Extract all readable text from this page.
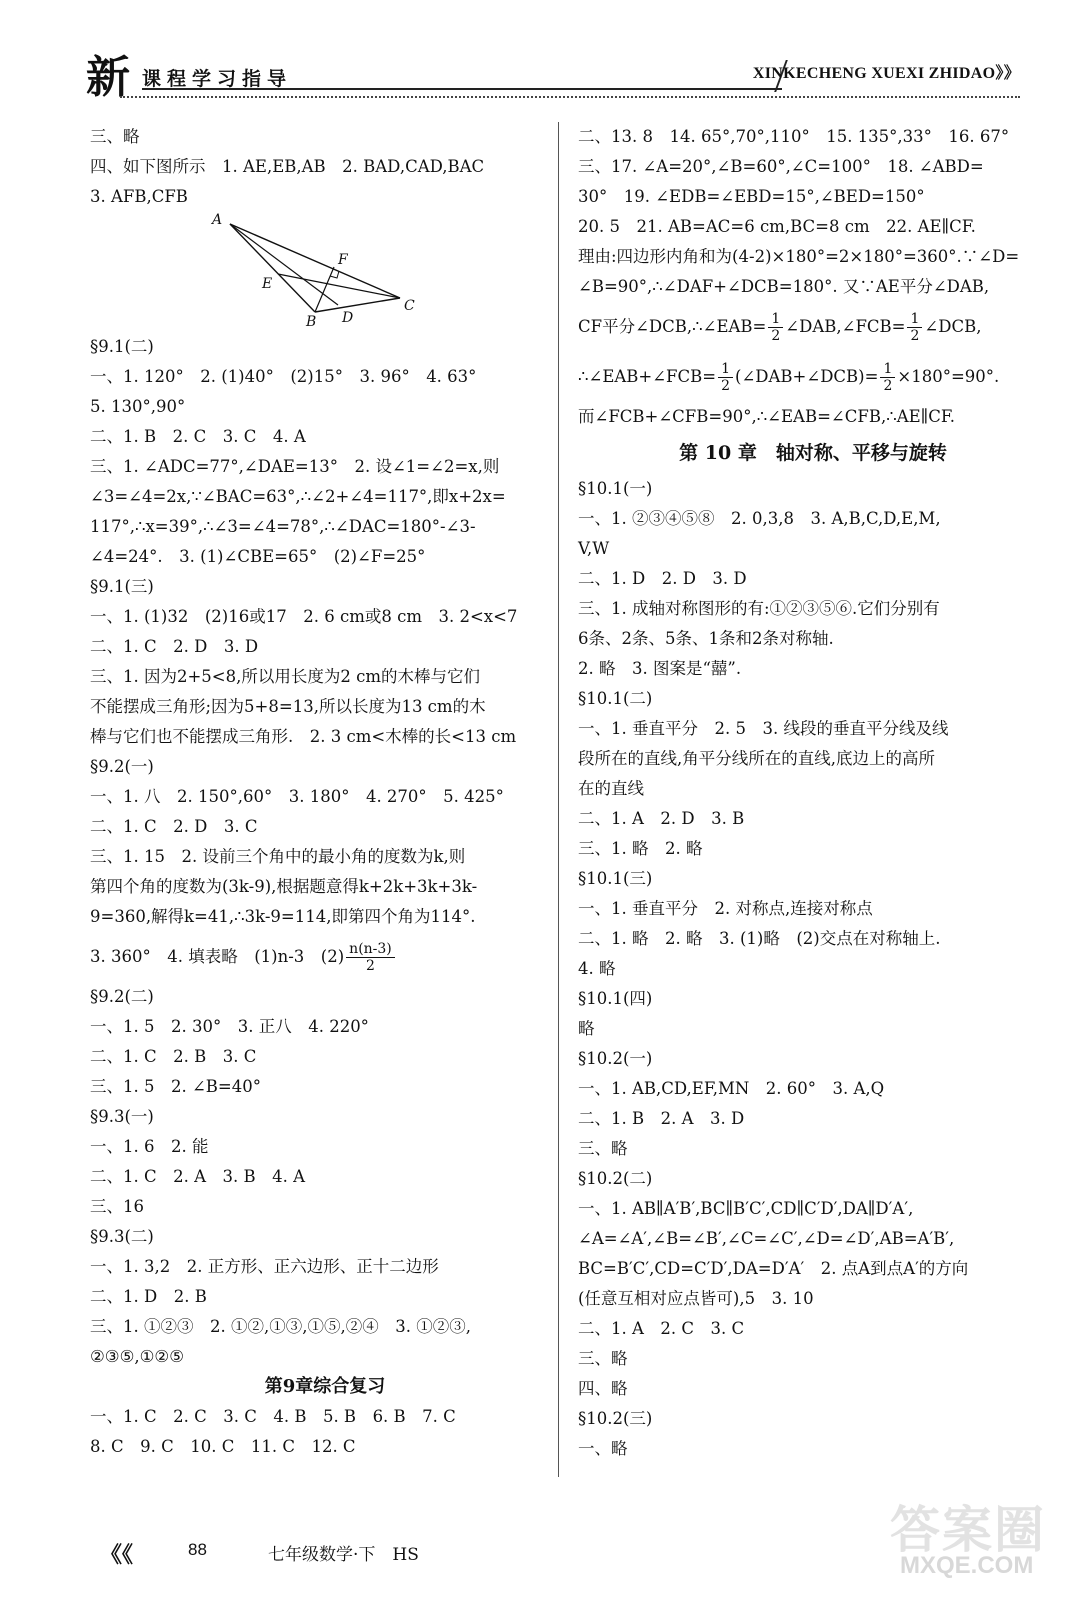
新 课程学习指导	XINKECHENG XUEXI ZHIDAO》》
三、略
四、如下图所示　1. AE,EB,AB　2. BAD,CAD,BAC
3. AFB,CFB
A
F
E
B D
C
§9.1(二)
一、1. 120°　2. (1)40°　(2)15°　3. 96°　4. 63°
5. 130°,90°
二、1. B　2. C　3. C　4. A
三、1. ∠ADC=77°,∠DAE=13°　2. 设∠1=∠2=x,则
∠3=∠4=2x,∵∠BAC=63°,∴∠2+∠4=117°,即x+2x=
117°,∴x=39°,∴∠3=∠4=78°,∴∠DAC=180°-∠3-
∠4=24°.　3. (1)∠CBE=65°　(2)∠F=25°
§9.1(三)
一、1. (1)32　(2)16或17　2. 6 cm或8 cm　3. 2<x<7
二、1. C　2. D　3. D
三、1. 因为2+5<8,所以用长度为2 cm的木棒与它们
不能摆成三角形;因为5+8=13,所以长度为13 cm的木
棒与它们也不能摆成三角形.　2. 3 cm<木棒的长<13 cm
§9.2(一)
一、1. 八　2. 150°,60°　3. 180°　4. 270°　5. 425°
二、1. C　2. D　3. C
三、1. 15　2. 设前三个角中的最小角的度数为k,则
第四个角的度数为(3k-9),根据题意得k+2k+3k+3k-
9=360,解得k=41,∴3k-9=114,即第四个角为114°.
3. 360°　4. 填表略　(1)n-3　$(2) \frac{n(n-3)}{2}$
§9.2(二)
一、1. 5　2. 30°　3. 正八　4. 220°
二、1. C　2. B　3. C
三、1. 5　2. ∠B=40°
§9.3(一)
一、1. 6　2. 能
二、1. C　2. A　3. B　4. A
三、16
§9.3(二)
一、1. 3,2　2. 正方形、正六边形、正十二边形
二、1. D　2. B
三、1. ①②③　2. ①②,①③,①⑤,②④　3. ①②③,
②③⑤,①②⑤
第9章综合复习
一、1. C　2. C　3. C　4. B　5. B　6. B　7. C
8. C　9. C　10. C　11. C　12. C
二、13. 8　14. 65°,70°,110°　15. 135°,33°　16. 67°
三、17. ∠A=20°,∠B=60°,∠C=100°　18. ∠ABD=
30°　19. ∠EDB=∠EBD=15°,∠BED=150°
20. 5　21. AB=AC=6 cm,BC=8 cm　22. AE∥CF.
理由:四边形内角和为(4-2)×180°=2×180°=360°.∵∠D=
∠B=90°,∴∠DAF+∠DCB=180°. 又∵AE平分∠DAB,
CF平分∠DCB,∴∠EAB= $\frac{1}{2}$ ∠DAB,∠FCB= $\frac{1}{2}$ ∠DCB,
∴∠EAB+∠FCB= $\frac{1}{2}$ (∠DAB+∠DCB)= $\frac{1}{2} \times 180^\circ=90^\circ$.
而∠FCB+∠CFB=90°,∴∠EAB=∠CFB,∴AE∥CF.
第 10 章　轴对称、平移与旋转
§10.1(一)
一、1. ②③④⑤⑧　2. 0,3,8　3. A,B,C,D,E,M,
V,W
二、1. D　2. D　3. D
三、1. 成轴对称图形的有:①②③⑤⑥.它们分别有
6条、2条、5条、1条和2条对称轴.
2. 略　3. 图案是“囍”.
§10.1(二)
一、1. 垂直平分　2. 5　3. 线段的垂直平分线及线
段所在的直线,角平分线所在的直线,底边上的高所
在的直线
二、1. A　2. D　3. B
三、1. 略　2. 略
§10.1(三)
一、1. 垂直平分　2. 对称点,连接对称点
二、1. 略　2. 略　3. (1)略　(2)交点在对称轴上.
4. 略
§10.1(四)
略
§10.2(一)
一、1. AB,CD,EF,MN　2. 60°　3. A,Q
二、1. B　2. A　3. D
三、略
§10.2(二)
一、1. AB∥A′B′,BC∥B′C′,CD∥C′D′,DA∥D′A′,
∠A=∠A′,∠B=∠B′,∠C=∠C′,∠D=∠D′,AB=A′B′,
BC=B′C′,CD=C′D′,DA=D′A′　2. 点A到点A′的方向
(任意互相对应点皆可),5　3. 10
二、1. A　2. C　3. C
三、略
四、略
§10.2(三)
一、略
《《	88	七年级数学·下　HS	答案圈
MXQE.COM
